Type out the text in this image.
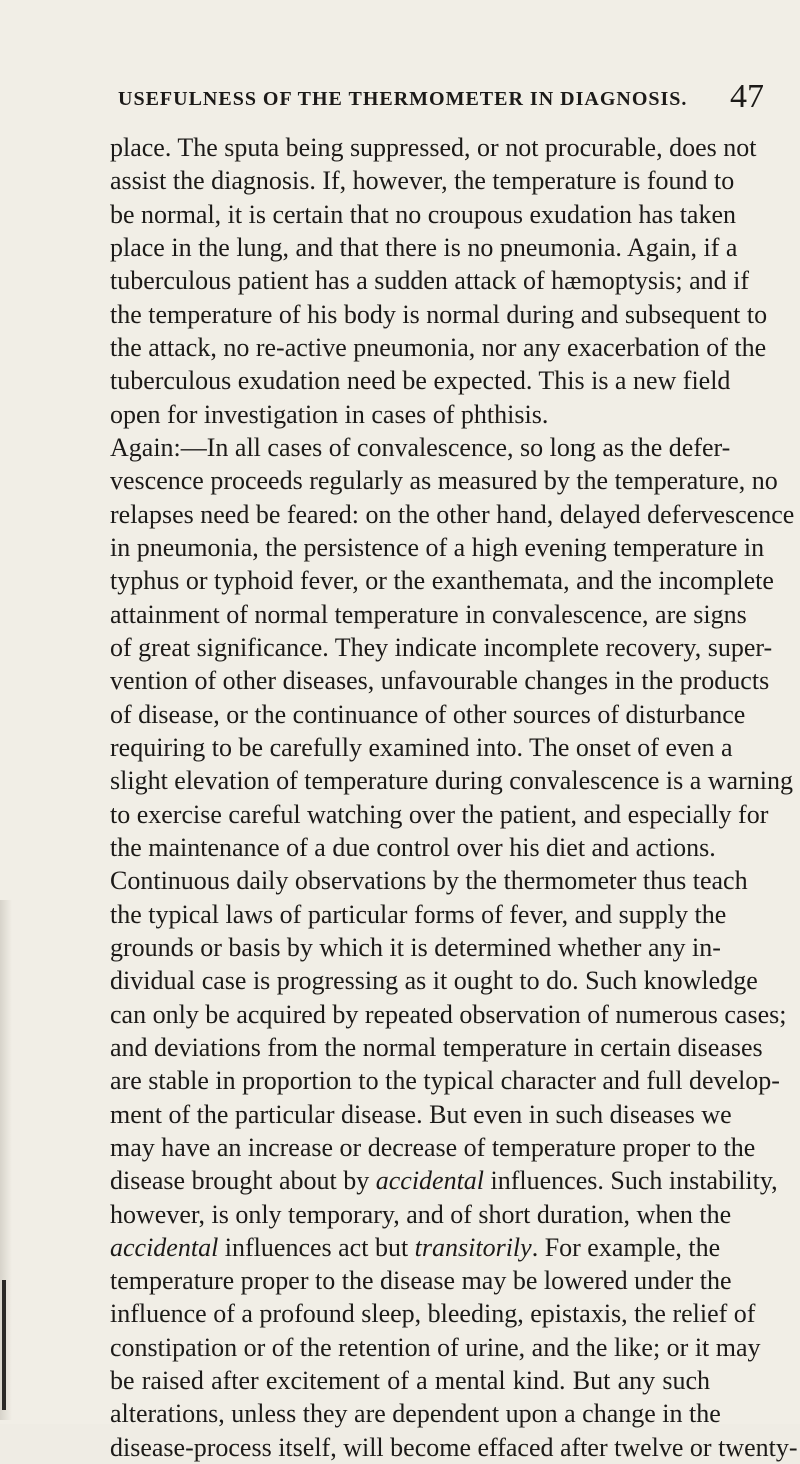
USEFULNESS OF THE THERMOMETER IN DIAGNOSIS. 47
place. The sputa being suppressed, or not procurable, does not
assist the diagnosis. If, however, the temperature is found to
be normal, it is certain that no croupous exudation has taken
place in the lung, and that there is no pneumonia. Again, if a
tuberculous patient has a sudden attack of hæmoptysis; and if
the temperature of his body is normal during and subsequent to
the attack, no re-active pneumonia, nor any exacerbation of the
tuberculous exudation need be expected. This is a new field
open for investigation in cases of phthisis.
Again:—In all cases of convalescence, so long as the defer-
vescence proceeds regularly as measured by the temperature, no
relapses need be feared: on the other hand, delayed defervescence
in pneumonia, the persistence of a high evening temperature in
typhus or typhoid fever, or the exanthemata, and the incomplete
attainment of normal temperature in convalescence, are signs
of great significance. They indicate incomplete recovery, super-
vention of other diseases, unfavourable changes in the products
of disease, or the continuance of other sources of disturbance
requiring to be carefully examined into. The onset of even a
slight elevation of temperature during convalescence is a warning
to exercise careful watching over the patient, and especially for
the maintenance of a due control over his diet and actions.
Continuous daily observations by the thermometer thus teach
the typical laws of particular forms of fever, and supply the
grounds or basis by which it is determined whether any in-
dividual case is progressing as it ought to do. Such knowledge
can only be acquired by repeated observation of numerous cases;
and deviations from the normal temperature in certain diseases
are stable in proportion to the typical character and full develop-
ment of the particular disease. But even in such diseases we
may have an increase or decrease of temperature proper to the
disease brought about by accidental influences. Such instability,
however, is only temporary, and of short duration, when the
accidental influences act but transitorily. For example, the
temperature proper to the disease may be lowered under the
influence of a profound sleep, bleeding, epistaxis, the relief of
constipation or of the retention of urine, and the like; or it may
be raised after excitement of a mental kind. But any such
alterations, unless they are dependent upon a change in the
disease-process itself, will become effaced after twelve or twenty-
